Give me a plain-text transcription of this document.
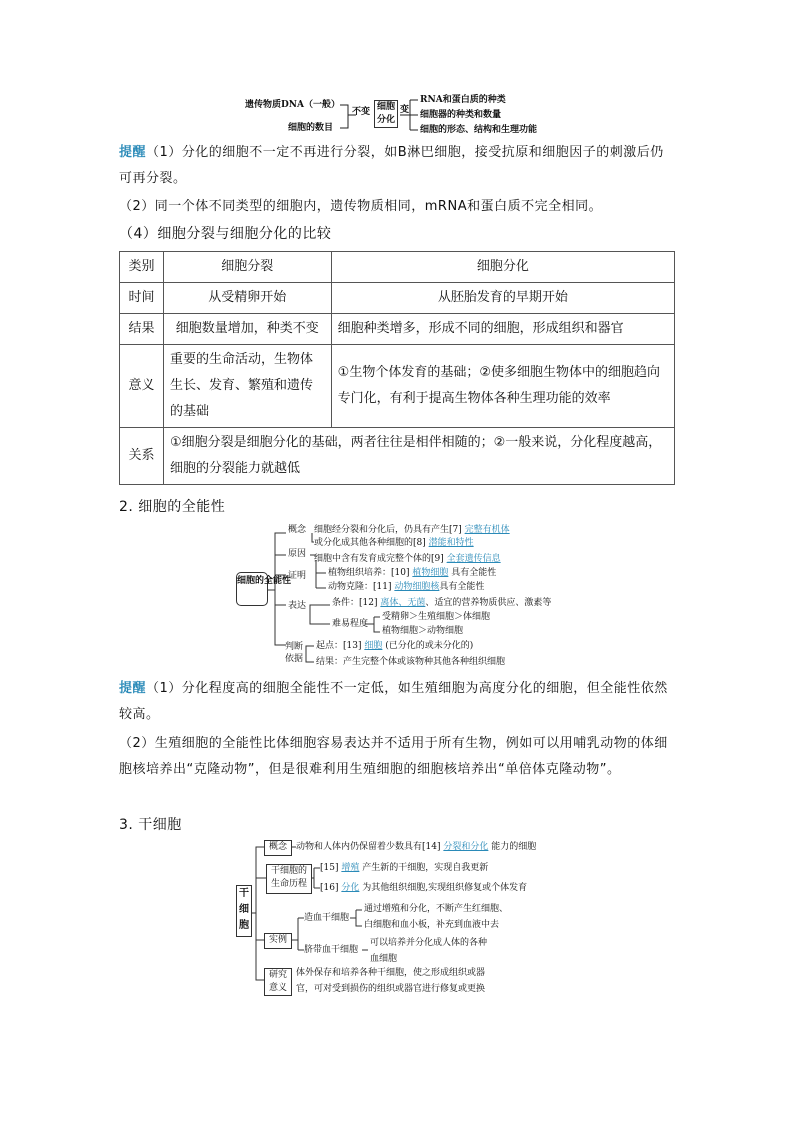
遗传物质DNA（一般）
细胞的数目
不变 细胞
分化
变
RNA和蛋白质的种类
细胞器的种类和数量
细胞的形态、结构和生理功能
提醒（1）分化的细胞不一定不再进行分裂，如B淋巴细胞，接受抗原和细胞因子的刺激后仍可再分裂。
（2）同一个体不同类型的细胞内，遗传物质相同，mRNA和蛋白质不完全相同。
（4）细胞分裂与细胞分化的比较
类别	细胞分裂	细胞分化
时间	从受精卵开始	从胚胎发育的早期开始
结果	细胞数量增加，种类不变	细胞种类增多，形成不同的细胞，形成组织和器官
意义	重要的生命活动，生物体生长、发育、繁殖和遗传的基础	①生物个体发育的基础；②使多细胞生物体中的细胞趋向专门化，有利于提高生物体各种生理功能的效率
关系	①细胞分裂是细胞分化的基础，两者往往是相伴相随的；②一般来说，分化程度越高，细胞的分裂能力就越低	
2. 细胞的全能性
细胞的全能性
概念 细胞经分裂和分化后，仍具有产生[7] 完整有机体
或分化成其他各种细胞的[8] 潜能和特性
原因 细胞中含有发育成完整个体的[9] 全套遗传信息
证明 植物组织培养：[10] 植物细胞 具有全能性
动物克隆：[11] 动物细胞核具有全能性
表达	条件：[12] 离体、无菌、适宜的营养物质供应、激素等
难易程度
受精卵＞生殖细胞＞体细胞
植物细胞＞动物细胞
判断
依据
起点：[13] 细胞 (已分化的或未分化的)
结果：产生完整个体或该物种其他各种组织细胞
提醒（1）分化程度高的细胞全能性不一定低，如生殖细胞为高度分化的细胞，但全能性依然较高。
（2）生殖细胞的全能性比体细胞容易表达并不适用于所有生物，例如可以用哺乳动物的体细胞核培养出“克隆动物”，但是很难利用生殖细胞的细胞核培养出“单倍体克隆动物”。
3. 干细胞
干细胞
概念	动物和人体内仍保留着少数具有[14] 分裂和分化 能力的细胞
干细胞的生命历程
[15] 增殖 产生新的干细胞，实现自我更新
[16] 分化 为其他组织细胞,实现组织修复或个体发育
实例
造血干细胞
通过增殖和分化，不断产生红细胞、
白细胞和血小板，补充到血液中去
脐带血干细胞
可以培养并分化成人体的各种
血细胞
研究意义
体外保存和培养各种干细胞，使之形成组织或器
官，可对受到损伤的组织或器官进行修复或更换
